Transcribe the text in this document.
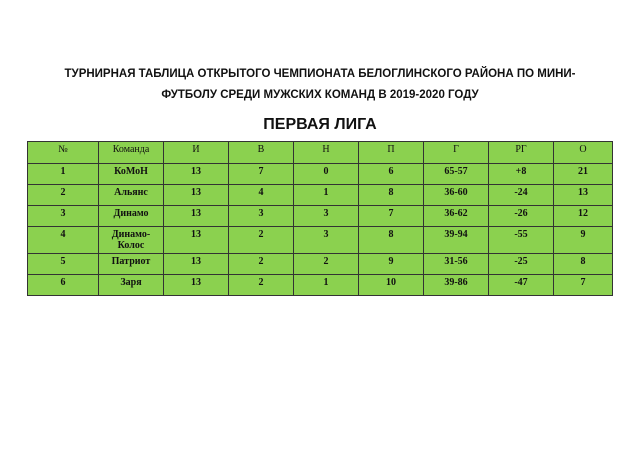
ТУРНИРНАЯ ТАБЛИЦА ОТКРЫТОГО ЧЕМПИОНАТА БЕЛОГЛИНСКОГО РАЙОНА ПО МИНИ-ФУТБОЛУ СРЕДИ МУЖСКИХ КОМАНД В 2019-2020 ГОДУ
ПЕРВАЯ ЛИГА
№	Команда	И	В	Н	П	Г	РГ	О
1	КоМоН	13	7	0	6	65-57	+8	21
2	Альянс	13	4	1	8	36-60	-24	13
3	Динамо	13	3	3	7	36-62	-26	12
4	Динамо-Колос	13	2	3	8	39-94	-55	9
5	Патриот	13	2	2	9	31-56	-25	8
6	Заря	13	2	1	10	39-86	-47	7
